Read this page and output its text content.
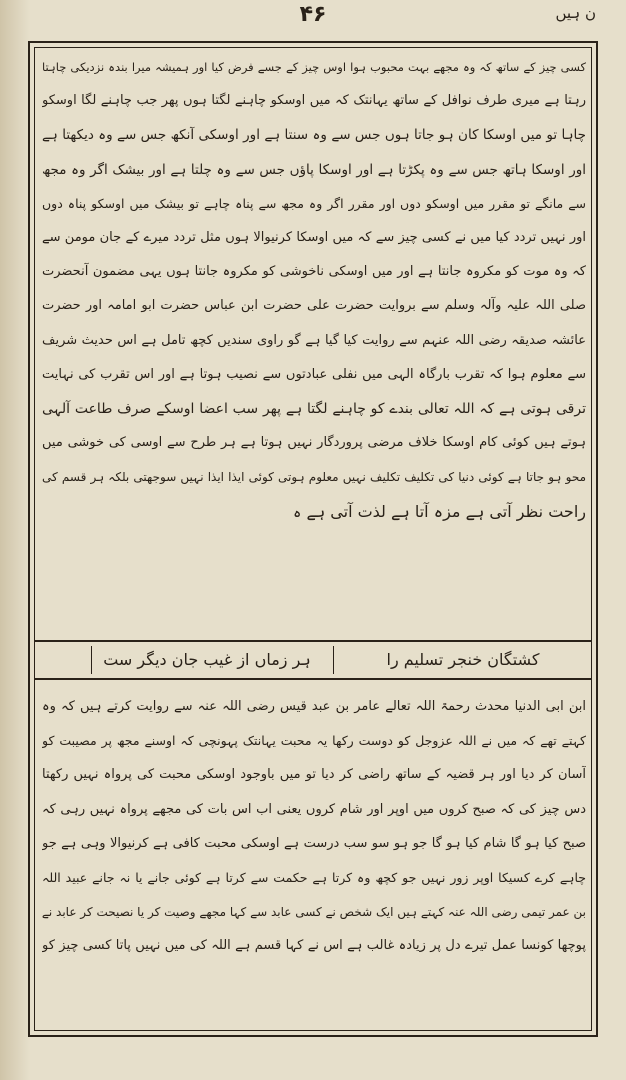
۴۶	ن ہیں
کسی چیز کے ساتھ کہ وہ مجھے بہت محبوب ہوا اوس چیز کے جسے فرض کیا اور ہمیشہ میرا بندہ نزدیکی چاہتا
رہتا ہے میری طرف نوافل کے ساتھ یہانتک کہ میں اوسکو چاہنے لگتا ہوں پھر جب چاہنے لگا اوسکو
چاہا تو میں اوسکا کان ہو جاتا ہوں جس سے وہ سنتا ہے اور اوسکی آنکھ جس سے وہ دیکھتا ہے
اور اوسکا ہاتھ جس سے وہ پکڑتا ہے اور اوسکا پاؤں جس سے وہ چلتا ہے اور بیشک اگر وہ مجھ
سے مانگے تو مقرر میں اوسکو دوں اور مقرر اگر وہ مجھ سے پناہ چاہے تو بیشک میں اوسکو پناہ دوں
اور نہیں تردد کیا میں نے کسی چیز سے کہ میں اوسکا کرنیوالا ہوں مثل تردد میرے کے جان مومن سے
کہ وہ موت کو مکروہ جانتا ہے اور میں اوسکی ناخوشی کو مکروہ جانتا ہوں یہی مضمون آنحضرت
صلی اللہ علیہ وآلہ وسلم سے بروایت حضرت علی حضرت ابن عباس حضرت ابو امامہ اور حضرت
عائشہ صدیقہ رضی اللہ عنہم سے روایت کیا گیا ہے گو راوی سندیں کچھ تامل ہے اس حدیث شریف
سے معلوم ہوا کہ تقرب بارگاہ الہی میں نفلی عبادتوں سے نصیب ہوتا ہے اور اس تقرب کی نہایت
ترقی ہوتی ہے کہ اللہ تعالی بندے کو چاہنے لگتا ہے پھر سب اعضا اوسکے صرف طاعت آلہی
ہوتے ہیں کوئی کام اوسکا خلاف مرضی پروردگار نہیں ہوتا ہے ہر طرح سے اوسی کی خوشی میں
محو ہو جاتا ہے کوئی دنیا کی تکلیف تکلیف نہیں معلوم ہوتی کوئی ایذا ایذا نہیں سوجھتی بلکہ ہر قسم کی
راحت نظر آتی ہے مزہ آتا ہے لذت آتی ہے ہ
کشتگان خنجر تسلیم را
ہر زماں از غیب جان دیگر ست
ابن ابی الدنیا محدث رحمۃ اللہ تعالے عامر بن عبد قیس رضی اللہ عنہ سے روایت کرتے ہیں کہ وہ
کہتے تھے کہ میں نے اللہ عزوجل کو دوست رکھا یہ محبت یہانتک پہونچی کہ اوسنے مجھ پر مصیبت کو
آسان کر دیا اور ہر قضیہ کے ساتھ راضی کر دیا تو میں باوجود اوسکی محبت کی پرواہ نہیں رکھتا
دس چیز کی کہ صبح کروں میں اوپر اور شام کروں یعنی اب اس بات کی مجھے پرواہ نہیں رہی کہ
صبح کیا ہو گا شام کیا ہو گا جو ہو سو سب درست ہے اوسکی محبت کافی ہے کرنیوالا وہی ہے جو
چاہے کرے کسیکا اوپر زور نہیں جو کچھ وہ کرتا ہے حکمت سے کرتا ہے کوئی جانے یا نہ جانے عبید اللہ
بن عمر تیمی رضی اللہ عنہ کہتے ہیں ایک شخص نے کسی عابد سے کہا مجھے وصیت کر یا نصیحت کر عابد نے
پوچھا کونسا عمل تیرے دل پر زیادہ غالب ہے اس نے کہا قسم ہے اللہ کی میں نہیں پاتا کسی چیز کو
